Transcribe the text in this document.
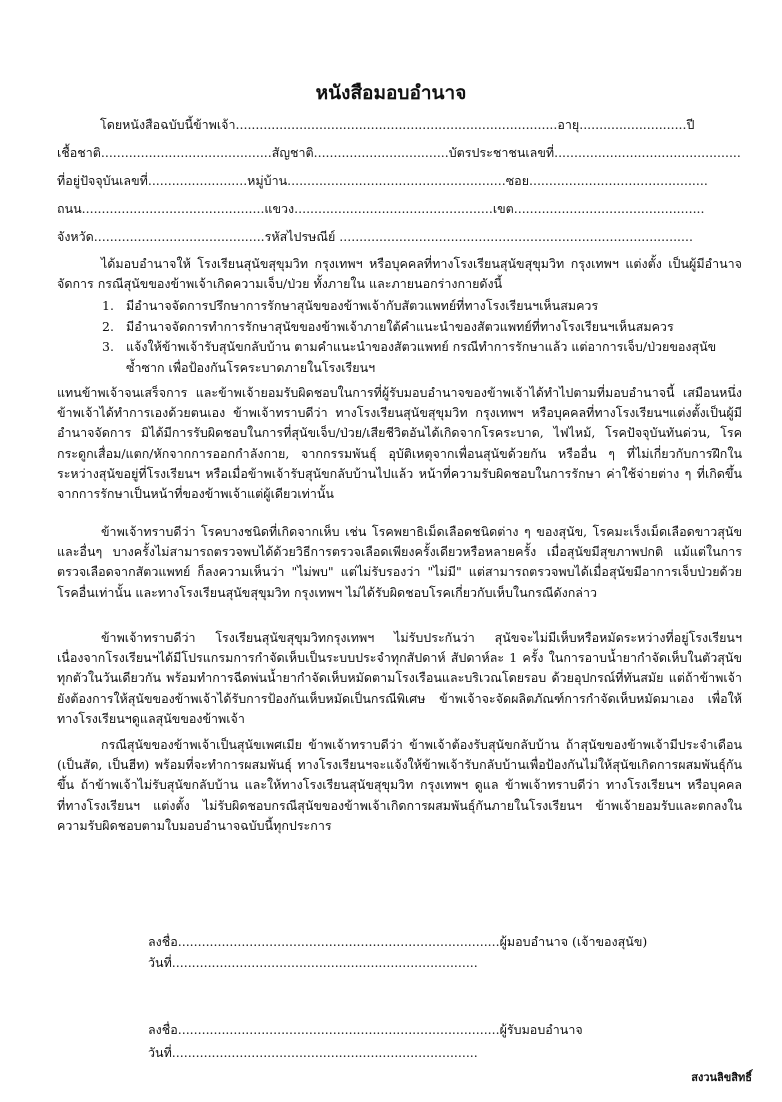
หนังสือมอบอำนาจ
โดยหนังสือฉบับนี้ข้าพเจ้า.................................................................................อายุ...........................ปี
เชื้อชาติ...........................................สัญชาติ..................................บัตรประชาชนเลขที่...............................................
ที่อยู่ปัจจุบันเลขที่.........................หมู่บ้าน.......................................................ซอย.............................................
ถนน..............................................แขวง..................................................เขต................................................
จังหวัด...........................................รหัสไปรษณีย์ .........................................................................................
ได้มอบอำนาจให้ โรงเรียนสุนัขสุขุมวิท กรุงเทพฯ หรือบุคคลที่ทางโรงเรียนสุนัขสุขุมวิท กรุงเทพฯ แต่งตั้ง เป็นผู้มีอำนาจจัดการ กรณีสุนัขของข้าพเจ้าเกิดความเจ็บ/ป่วย ทั้งภายใน และภายนอกร่างกายดังนี้
1. มีอำนาจจัดการปรึกษาการรักษาสุนัขของข้าพเจ้ากับสัตวแพทย์ที่ทางโรงเรียนฯเห็นสมควร
2. มีอำนาจจัดการทำการรักษาสุนัขของข้าพเจ้าภายใต้คำแนะนำของสัตวแพทย์ที่ทางโรงเรียนฯเห็นสมควร
3. แจ้งให้ข้าพเจ้ารับสุนัขกลับบ้าน ตามคำแนะนำของสัตวแพทย์ กรณีทำการรักษาแล้ว แต่อาการเจ็บ/ป่วยของสุนัขซ้ำซาก เพื่อป้องกันโรคระบาดภายในโรงเรียนฯ
แทนข้าพเจ้าจนเสร็จการ และข้าพเจ้ายอมรับผิดชอบในการที่ผู้รับมอบอำนาจของข้าพเจ้าได้ทำไปตามที่มอบอำนาจนี้ เสมือนหนึ่งข้าพเจ้าได้ทำการเองด้วยตนเอง ข้าพเจ้าทราบดีว่า ทางโรงเรียนสุนัขสุขุมวิท กรุงเทพฯ หรือบุคคลที่ทางโรงเรียนฯแต่งตั้งเป็นผู้มีอำนาจจัดการ มิได้มีการรับผิดชอบในการที่สุนัขเจ็บ/ป่วย/เสียชีวิตอันได้เกิดจากโรคระบาด, ไฟไหม้, โรคปัจจุบันทันด่วน, โรคกระดูกเสื่อม/แตก/หักจากการออกกำลังกาย, จากกรรมพันธุ์ อุบัติเหตุจากเพื่อนสุนัขด้วยกัน หรืออื่น ๆ ที่ไม่เกี่ยวกับการฝึกในระหว่างสุนัขอยู่ที่โรงเรียนฯ หรือเมื่อข้าพเจ้ารับสุนัขกลับบ้านไปแล้ว หน้าที่ความรับผิดชอบในการรักษา ค่าใช้จ่ายต่าง ๆ ที่เกิดขึ้นจากการรักษาเป็นหน้าที่ของข้าพเจ้าแต่ผู้เดียวเท่านั้น
ข้าพเจ้าทราบดีว่า โรคบางชนิดที่เกิดจากเห็บ เช่น โรคพยาธิเม็ดเลือดชนิดต่าง ๆ ของสุนัข, โรคมะเร็งเม็ดเลือดขาวสุนัข และอื่นๆ บางครั้งไม่สามารถตรวจพบได้ด้วยวิธีการตรวจเลือดเพียงครั้งเดียวหรือหลายครั้ง เมื่อสุนัขมีสุขภาพปกติ แม้แต่ในการตรวจเลือดจากสัตวแพทย์ ก็ลงความเห็นว่า "ไม่พบ" แต่ไม่รับรองว่า "ไม่มี" แต่สามารถตรวจพบได้เมื่อสุนัขมีอาการเจ็บป่วยด้วยโรคอื่นเท่านั้น และทางโรงเรียนสุนัขสุขุมวิท กรุงเทพฯ ไม่ได้รับผิดชอบโรคเกี่ยวกับเห็บในกรณีดังกล่าว
ข้าพเจ้าทราบดีว่า โรงเรียนสุนัขสุขุมวิทกรุงเทพฯ ไม่รับประกันว่า สุนัขจะไม่มีเห็บหรือหมัดระหว่างที่อยู่โรงเรียนฯ เนื่องจากโรงเรียนฯได้มีโปรแกรมการกำจัดเห็บเป็นระบบประจำทุกสัปดาห์ สัปดาห์ละ 1 ครั้ง ในการอาบน้ำยากำจัดเห็บในตัวสุนัขทุกตัวในวันเดียวกัน พร้อมทำการฉีดพ่นน้ำยากำจัดเห็บหมัดตามโรงเรือนและบริเวณโดยรอบ ด้วยอุปกรณ์ที่ทันสมัย แต่ถ้าข้าพเจ้ายังต้องการให้สุนัขของข้าพเจ้าได้รับการป้องกันเห็บหมัดเป็นกรณีพิเศษ ข้าพเจ้าจะจัดผลิตภัณฑ์การกำจัดเห็บหมัดมาเอง เพื่อให้ทางโรงเรียนฯดูแลสุนัขของข้าพเจ้า
กรณีสุนัขของข้าพเจ้าเป็นสุนัขเพศเมีย ข้าพเจ้าทราบดีว่า ข้าพเจ้าต้องรับสุนัขกลับบ้าน ถ้าสุนัขของข้าพเจ้ามีประจำเดือน (เป็นสัด, เป็นฮีท) พร้อมที่จะทำการผสมพันธุ์ ทางโรงเรียนฯจะแจ้งให้ข้าพเจ้ารับกลับบ้านเพื่อป้องกันไม่ให้สุนัขเกิดการผสมพันธุ์กันขึ้น ถ้าข้าพเจ้าไม่รับสุนัขกลับบ้าน และให้ทางโรงเรียนสุนัขสุขุมวิท กรุงเทพฯ ดูแล ข้าพเจ้าทราบดีว่า ทางโรงเรียนฯ หรือบุคคลที่ทางโรงเรียนฯ แต่งตั้ง ไม่รับผิดชอบกรณีสุนัขของข้าพเจ้าเกิดการผสมพันธุ์กันภายในโรงเรียนฯ ข้าพเจ้ายอมรับและตกลงในความรับผิดชอบตามใบมอบอำนาจฉบับนี้ทุกประการ
ลงชื่อ.................................................................................ผู้มอบอำนาจ (เจ้าของสุนัข)
วันที่.............................................................................
ลงชื่อ.................................................................................ผู้รับมอบอำนาจ
วันที่.............................................................................
สงวนลิขสิทธิ์
